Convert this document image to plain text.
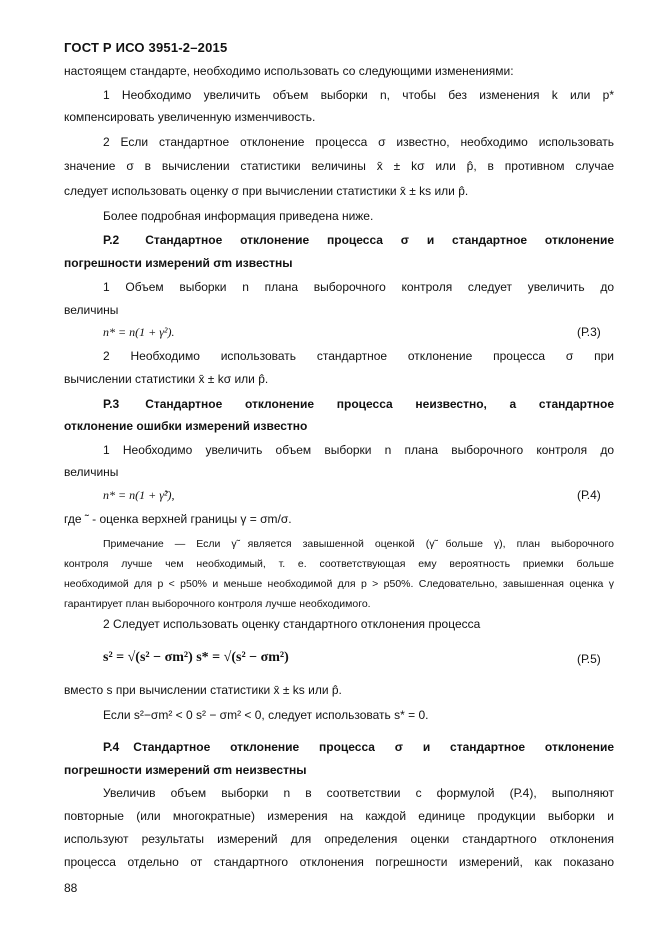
ГОСТ Р ИСО 3951-2–2015
настоящем стандарте, необходимо использовать со следующими изменениями:
1 Необходимо увеличить объем выборки n, чтобы без изменения k или p*
компенсировать увеличенную изменчивость.
2 Если стандартное отклонение процесса σ известно, необходимо использовать
значение σ в вычислении статистики величины x̄ ± kσ или p̂, в противном случае
следует использовать оценку σ при вычислении статистики x̄ ± ks или p̂.
Более подробная информация приведена ниже.
Р.2 Стандартное отклонение процесса σ и стандартное отклонение
погрешности измерений σm известны
1 Объем выборки n плана выборочного контроля следует увеличить до
величины
n* = n(1 + γ²).	(Р.3)
2 Необходимо использовать стандартное отклонение процесса σ при
вычислении статистики x̄ ± kσ или p̂.
Р.3 Стандартное отклонение процесса неизвестно, а стандартное
отклонение ошибки измерений известно
1 Необходимо увеличить объем выборки n плана выборочного контроля до
величины
n* = n(1 + γ̃²),	(Р.4)
где ˜ - оценка верхней границы γ = σm/σ.
Примечание — Если γ̃ является завышенной оценкой (γ̃ больше γ), план выборочного
контроля лучше чем необходимый, т. е. соответствующая ему вероятность приемки больше
необходимой для p < p50% и меньше необходимой для p > p50%. Следовательно, завышенная оценка γ
гарантирует план выборочного контроля лучше необходимого.
2 Следует использовать оценку стандартного отклонения процесса
s² = √(s² − σm²) s* = √(s² − σm²)	(Р.5)
вместо s при вычислении статистики x̄ ± ks или p̂.
Если s²−σm² < 0 s² − σm² < 0, следует использовать s* = 0.
Р.4 Стандартное отклонение процесса σ и стандартное отклонение
погрешности измерений σm неизвестны
Увеличив объем выборки n в соответствии с формулой (Р.4), выполняют
повторные (или многократные) измерения на каждой единице продукции выборки и
используют результаты измерений для определения оценки стандартного отклонения
процесса отдельно от стандартного отклонения погрешности измерений, как показано
88
